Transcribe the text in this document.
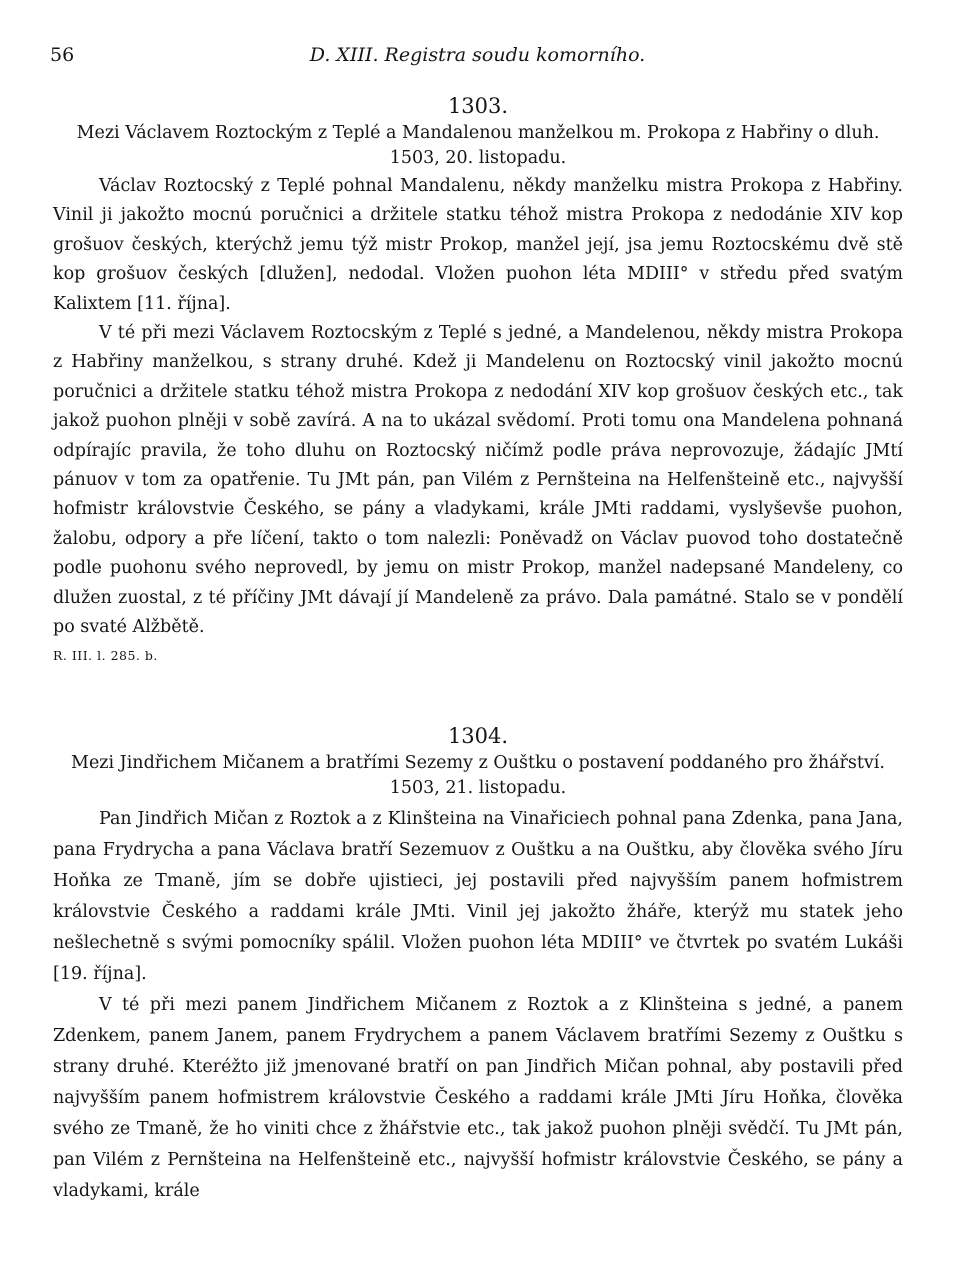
56	D. XIII. Registra soudu komorního.
1303.
Mezi Václavem Roztockým z Teplé a Mandalenou manželkou m. Prokopa z Habřiny o dluh.
1503, 20. listopadu.

Václav Roztocský z Teplé pohnal Mandalenu, někdy manželku mistra Prokopa z Habřiny. Vinil ji jakožto mocnú poručnici a držitele statku téhož mistra Prokopa z nedodánie XIV kop grošuov českých, kterýchž jemu týž mistr Prokop, manžel její, jsa jemu Roztocskému dvě stě kop grošuov českých [dlužen], nedodal. Vložen puohon léta MDIII° v středu před svatým Kalixtem [11. října].

V té při mezi Václavem Roztocským z Teplé s jedné, a Mandelenou, někdy mistra Prokopa z Habřiny manželkou, s strany druhé. Kdež ji Mandelenu on Roztocský vinil jakožto mocnú poručnici a držitele statku téhož mistra Prokopa z nedodání XIV kop grošuov českých etc., tak jakož puohon plněji v sobě zavírá. A na to ukázal svědomí. Proti tomu ona Mandelena pohnaná odpírajíc pravila, že toho dluhu on Roztocský ničímž podle práva neprovozuje, žádajíc JMtí pánuov v tom za opatřenie. Tu JMt pán, pan Vilém z Pernšteina na Helfenšteině etc., najvyšší hofmistr královstvie Českého, se pány a vladykami, krále JMti raddami, vyslyševše puohon, žalobu, odpory a pře líčení, takto o tom nalezli: Poněvadž on Václav puovod toho dostatečně podle puohonu svého neprovedl, by jemu on mistr Prokop, manžel nadepsané Mandeleny, co dlužen zuostal, z té příčiny JMt dávají jí Mandeleně za právo. Dala památné. Stalo se v pondělí po svaté Alžbětě.

R. III. l. 285. b.
1304.
Mezi Jindřichem Mičanem a bratřími Sezemy z Ouštku o postavení poddaného pro žhářství.
1503, 21. listopadu.

Pan Jindřich Mičan z Roztok a z Klinšteina na Vinařiciech pohnal pana Zdenka, pana Jana, pana Frydrycha a pana Václava bratří Sezemuov z Ouštku a na Ouštku, aby člověka svého Jíru Hoňka ze Tmaně, jím se dobře ujistieci, jej postavili před najvyšším panem hofmistrem královstvie Českého a raddami krále JMti. Vinil jej jakožto žháře, kterýž mu statek jeho nešlechetně s svými pomocníky spálil. Vložen puohon léta MDIII° ve čtvrtek po svatém Lukáši [19. října].

V té při mezi panem Jindřichem Mičanem z Roztok a z Klinšteina s jedné, a panem Zdenkem, panem Janem, panem Frydrychem a panem Václavem bratřími Sezemy z Ouštku s strany druhé. Kteréžto již jmenované bratří on pan Jindřich Mičan pohnal, aby postavili před najvyšším panem hofmistrem královstvie Českého a raddami krále JMti Jíru Hoňka, člověka svého ze Tmaně, že ho viniti chce z žhářstvie etc., tak jakož puohon plněji svědčí. Tu JMt pán, pan Vilém z Pernšteina na Helfenšteině etc., najvyšší hofmistr královstvie Českého, se pány a vladykami, krále
